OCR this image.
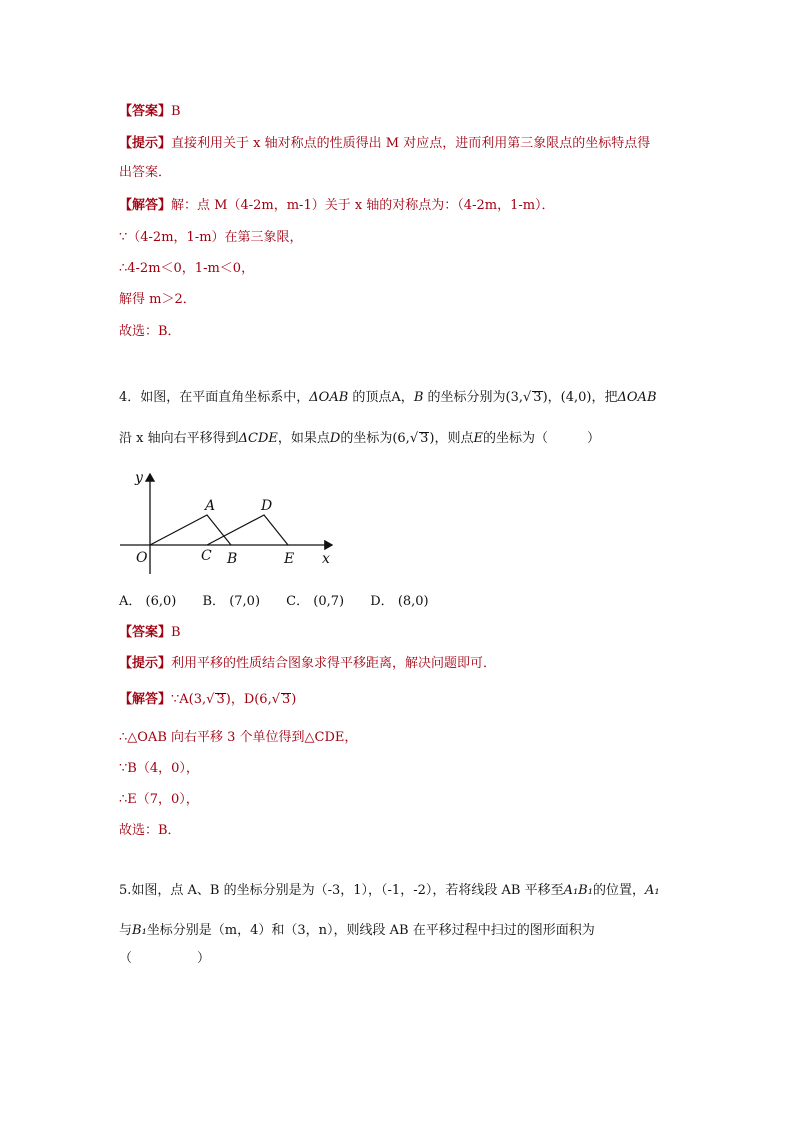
【答案】B
【提示】直接利用关于 x 轴对称点的性质得出 M 对应点，进而利用第三象限点的坐标特点得
出答案．
【解答】解：点 M（4-2m，m-1）关于 x 轴的对称点为：（4-2m，1-m）．
∵（4-2m，1-m）在第三象限，
∴4-2m＜0，1-m＜0，
解得 m＞2．
故选：B．
4．如图，在平面直角坐标系中，ΔOAB 的顶点A，B 的坐标分别为(3,√ 3)，(4,0)，把ΔOAB
沿 x 轴向右平移得到ΔCDE，如果点D的坐标为(6,√ 3)，则点E的坐标为（　　　）
y
x
O
A
B
C
D
E
A． (6,0) B． (7,0) C． (0,7) D． (8,0)
【答案】B
【提示】利用平移的性质结合图象求得平移距离，解决问题即可．
【解答】∵A(3,√ 3)，D(6,√ 3)
∴△OAB 向右平移 3 个单位得到△CDE，
∵B（4，0），
∴E（7，0），
故选：B．
5.如图，点 A、B 的坐标分别是为（-3，1），（-1，-2），若将线段 AB 平移至A₁B₁的位置，A₁
与B₁坐标分别是（m，4）和（3，n），则线段 AB 在平移过程中扫过的图形面积为
（　　　　　）
